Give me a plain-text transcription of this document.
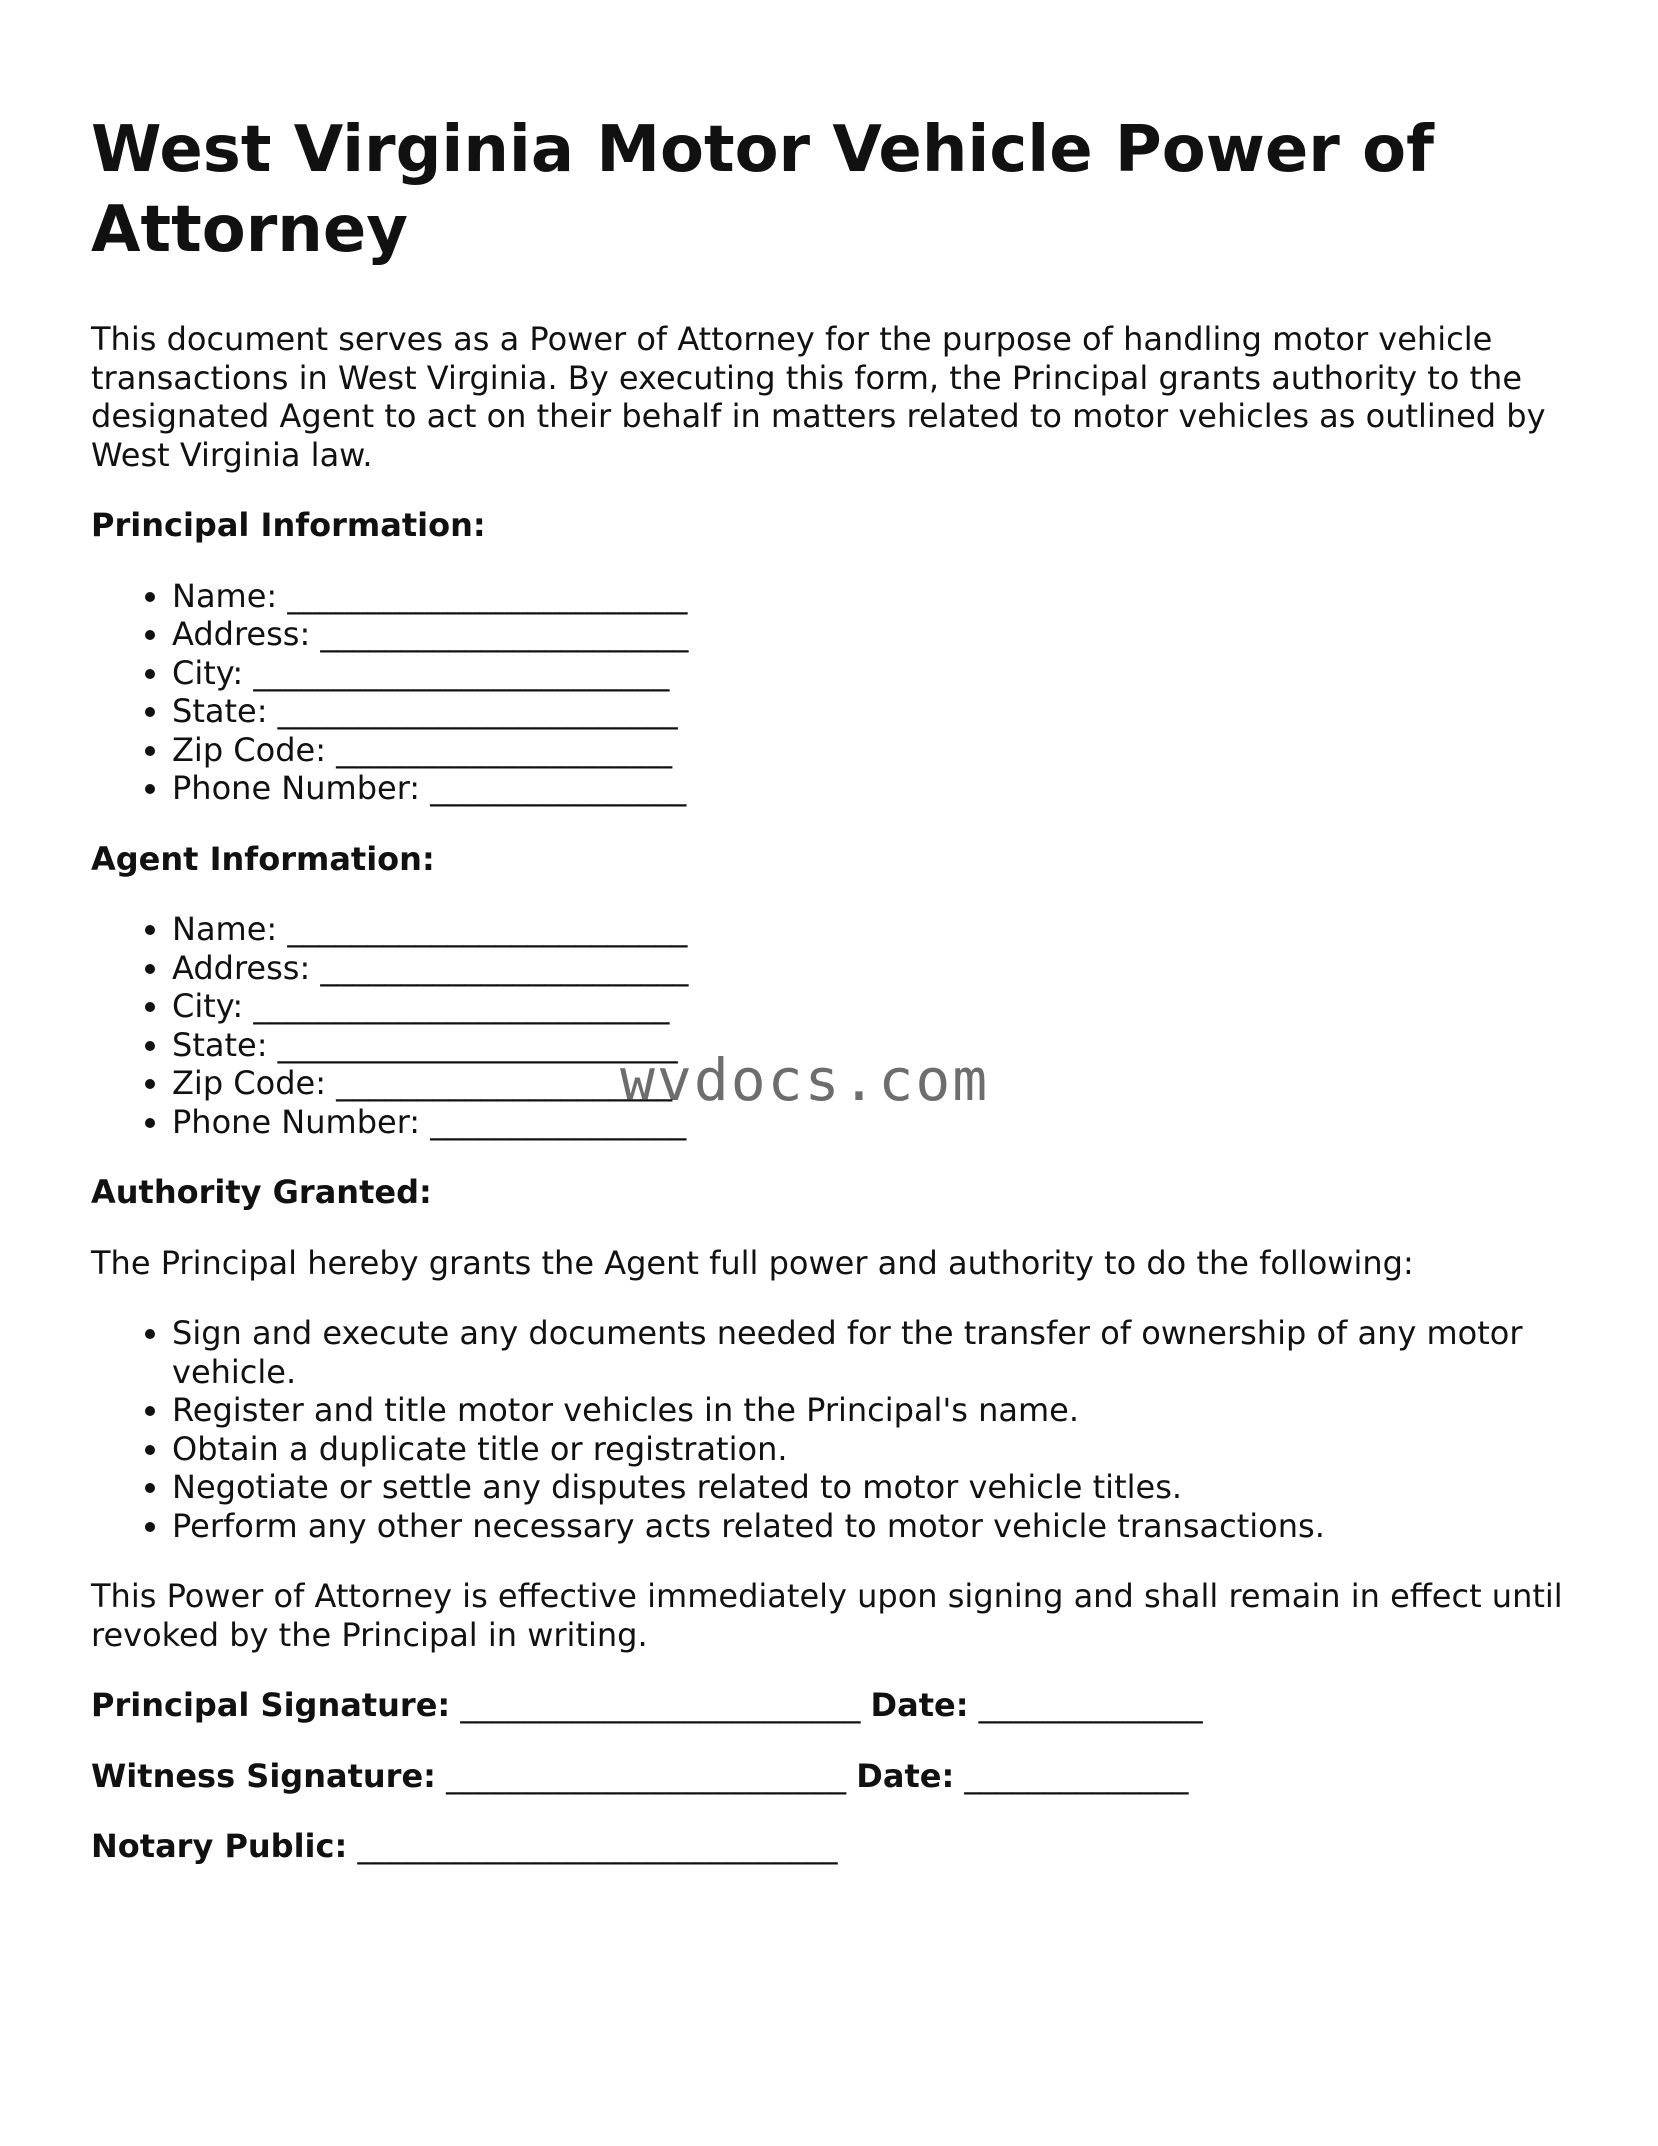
West Virginia Motor Vehicle Power of Attorney

This document serves as a Power of Attorney for the purpose of handling motor vehicle transactions in West Virginia. By executing this form, the Principal grants authority to the designated Agent to act on their behalf in matters related to motor vehicles as outlined by West Virginia law.

Principal Information:
• Name: _________________________
• Address: _______________________
• City: __________________________
• State: _________________________
• Zip Code: _____________________
• Phone Number: ________________
Agent Information:
• Name: _________________________
• Address: _______________________
• City: __________________________
• State: _________________________
• Zip Code: _____________________
• Phone Number: ________________
Authority Granted:

The Principal hereby grants the Agent full power and authority to do the following:

• Sign and execute any documents needed for the transfer of ownership of any motor vehicle.
• Register and title motor vehicles in the Principal's name.
• Obtain a duplicate title or registration.
• Negotiate or settle any disputes related to motor vehicle titles.
• Perform any other necessary acts related to motor vehicle transactions.

This Power of Attorney is effective immediately upon signing and shall remain in effect until revoked by the Principal in writing.

Principal Signature: _________________________ Date: ______________
Witness Signature: _________________________ Date: ______________
Notary Public: ______________________________
wvdocs.com
